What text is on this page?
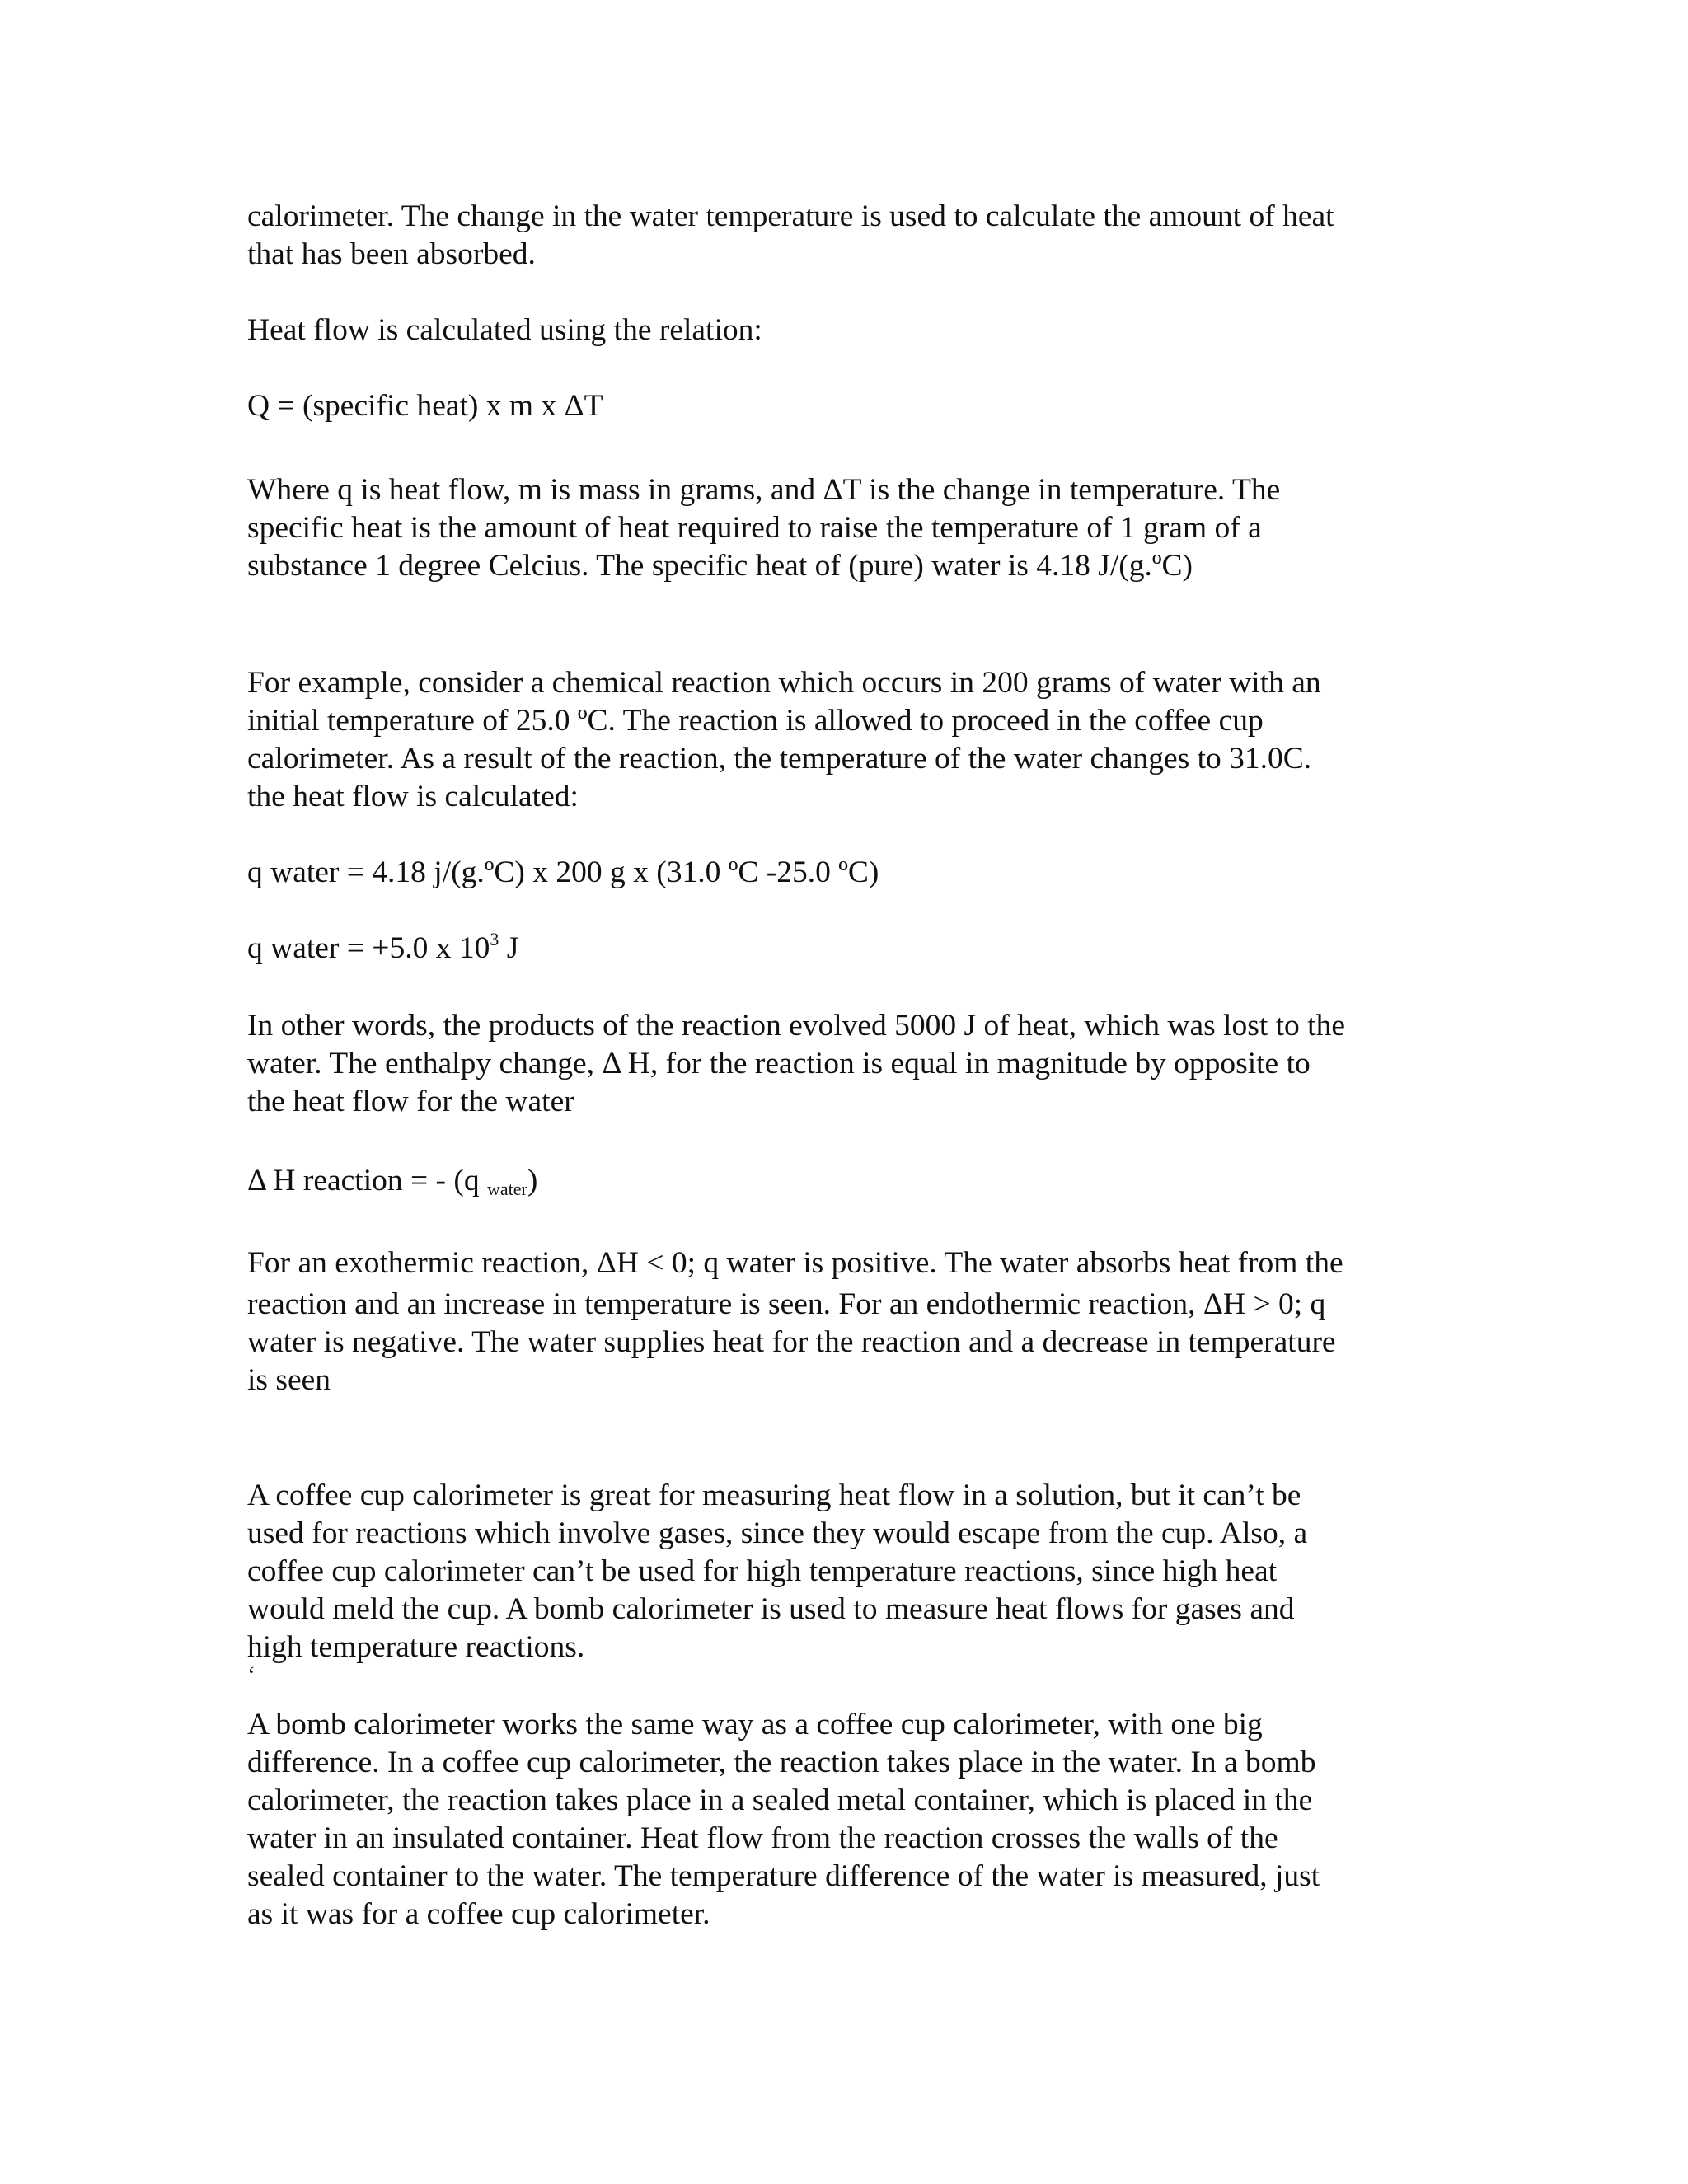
calorimeter. The change in the water temperature is used to calculate the amount of heat
that has been absorbed.

Heat flow is calculated using the relation:

Q = (specific heat) x m x ΔT

Where q is heat flow, m is mass in grams, and ΔT is the change in temperature. The
specific heat is the amount of heat required to raise the temperature of 1 gram of a
substance 1 degree Celcius. The specific heat of (pure) water is 4.18 J/(g.ºC)

For example, consider a chemical reaction which occurs in 200 grams of water with an
initial temperature of 25.0 ºC. The reaction is allowed to proceed in the coffee cup
calorimeter. As a result of the reaction, the temperature of the water changes to 31.0C.
the heat flow is calculated:

q water = 4.18 j/(g.ºC) x 200 g x (31.0 ºC -25.0 ºC)

q water = +5.0 x $10^3$ J

In other words, the products of the reaction evolved 5000 J of heat, which was lost to the
water. The enthalpy change, Δ H, for the reaction is equal in magnitude by opposite to
the heat flow for the water

Δ H reaction = - (q $_{water}$)

For an exothermic reaction, ΔH < 0; q water is positive. The water absorbs heat from the
reaction and an increase in temperature is seen. For an endothermic reaction, ΔH > 0; q
water is negative. The water supplies heat for the reaction and a decrease in temperature
is seen

A coffee cup calorimeter is great for measuring heat flow in a solution, but it can’t be
used for reactions which involve gases, since they would escape from the cup. Also, a
coffee cup calorimeter can’t be used for high temperature reactions, since high heat
would meld the cup. A bomb calorimeter is used to measure heat flows for gases and
high temperature reactions.

‘

A bomb calorimeter works the same way as a coffee cup calorimeter, with one big
difference. In a coffee cup calorimeter, the reaction takes place in the water. In a bomb
calorimeter, the reaction takes place in a sealed metal container, which is placed in the
water in an insulated container. Heat flow from the reaction crosses the walls of the
sealed container to the water. The temperature difference of the water is measured, just
as it was for a coffee cup calorimeter.
